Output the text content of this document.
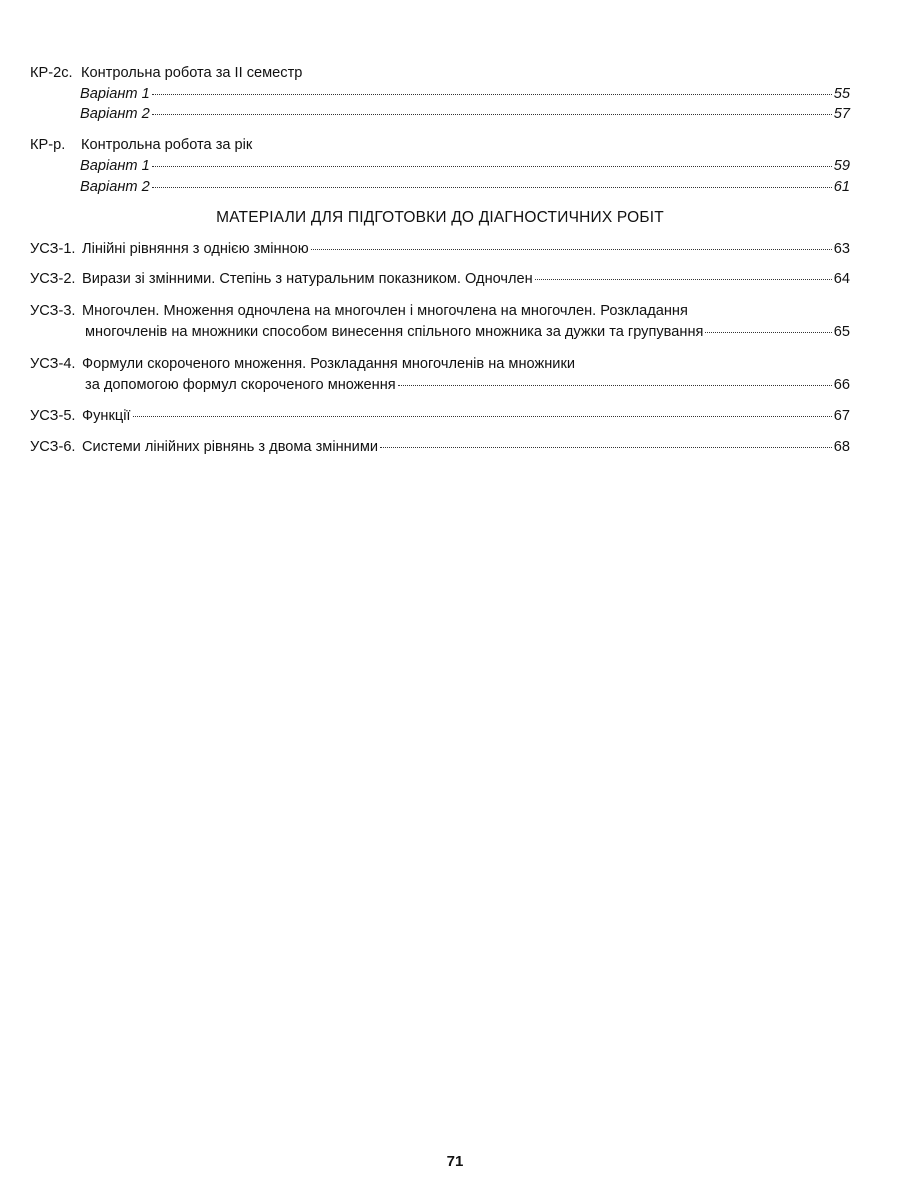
КР-2с. Контрольна робота за ІІ семестр
Варіант 1	55
Варіант 2	57
КР-р.	Контрольна робота за рік
Варіант 1	59
Варіант 2	61
МАТЕРІАЛИ ДЛЯ ПІДГОТОВКИ ДО ДІАГНОСТИЧНИХ РОБІТ
УСЗ-1. Лінійні рівняння з однією змінною	63
УСЗ-2. Вирази зі змінними. Степінь з натуральним показником. Одночлен	64
УСЗ-3. Многочлен. Множення одночлена на многочлен і многочлена на многочлен. Розкладання
многочленів на множники способом винесення спільного множника за дужки та групування	65
УСЗ-4. Формули скороченого множення. Розкладання многочленів на множники
за допомогою формул скороченого множення	66
УСЗ-5. Функції	67
УСЗ-6. Системи лінійних рівнянь з двома змінними	68
71
